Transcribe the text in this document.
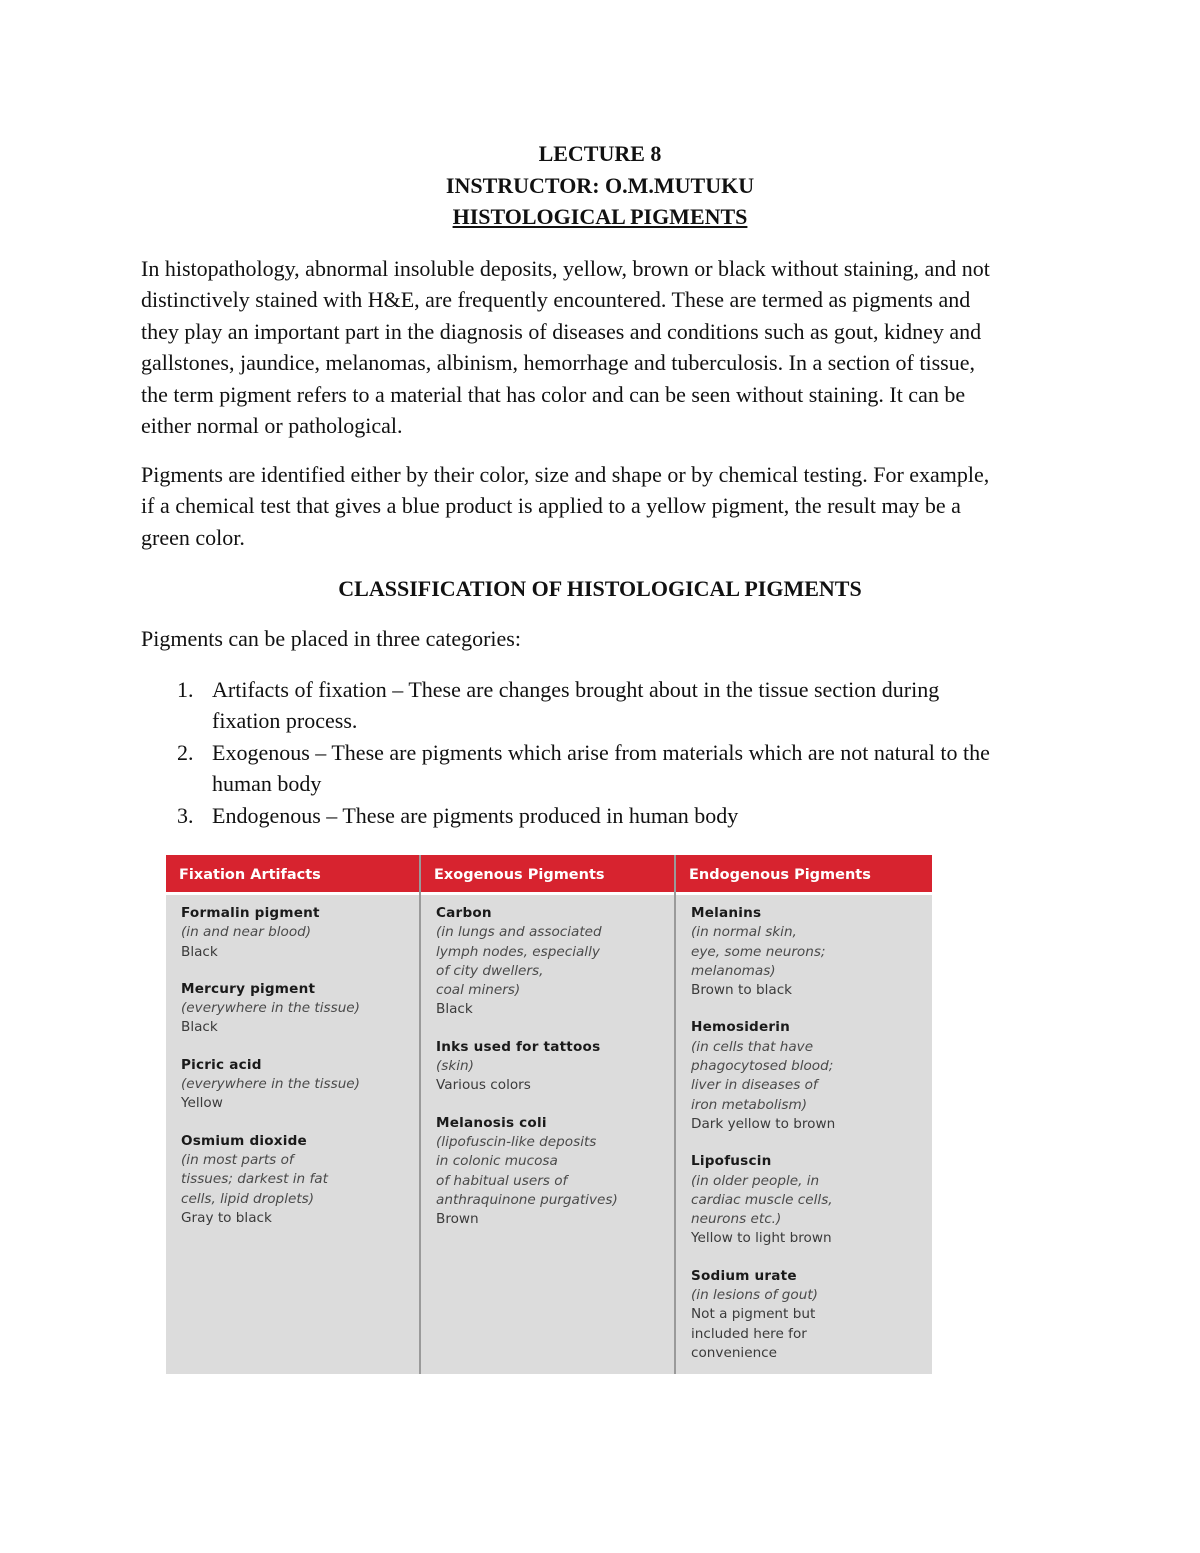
LECTURE 8
INSTRUCTOR: O.M.MUTUKU
HISTOLOGICAL PIGMENTS
In histopathology, abnormal insoluble deposits, yellow, brown or black without staining, and not
distinctively stained with H&E, are frequently encountered. These are termed as pigments and
they play an important part in the diagnosis of diseases and conditions such as gout, kidney and
gallstones, jaundice, melanomas, albinism, hemorrhage and tuberculosis. In a section of tissue,
the term pigment refers to a material that has color and can be seen without staining. It can be
either normal or pathological.
Pigments are identified either by their color, size and shape or by chemical testing. For example,
if a chemical test that gives a blue product is applied to a yellow pigment, the result may be a
green color.
CLASSIFICATION OF HISTOLOGICAL PIGMENTS
Pigments can be placed in three categories:
1. Artifacts of fixation – These are changes brought about in the tissue section during
fixation process.
2. Exogenous – These are pigments which arise from materials which are not natural to the
human body
3. Endogenous – These are pigments produced in human body
Fixation Artifacts
Formalin pigment
(in and near blood)
Black
Mercury pigment
(everywhere in the tissue)
Black
Picric acid
(everywhere in the tissue)
Yellow
Osmium dioxide
(in most parts of
tissues; darkest in fat
cells, lipid droplets)
Gray to black
Exogenous Pigments
Carbon
(in lungs and associated
lymph nodes, especially
of city dwellers,
coal miners)
Black
Inks used for tattoos
(skin)
Various colors
Melanosis coli
(lipofuscin-like deposits
in colonic mucosa
of habitual users of
anthraquinone purgatives)
Brown
Endogenous Pigments
Melanins
(in normal skin,
eye, some neurons;
melanomas)
Brown to black
Hemosiderin
(in cells that have
phagocytosed blood;
liver in diseases of
iron metabolism)
Dark yellow to brown
Lipofuscin
(in older people, in
cardiac muscle cells,
neurons etc.)
Yellow to light brown
Sodium urate
(in lesions of gout)
Not a pigment but
included here for
convenience
